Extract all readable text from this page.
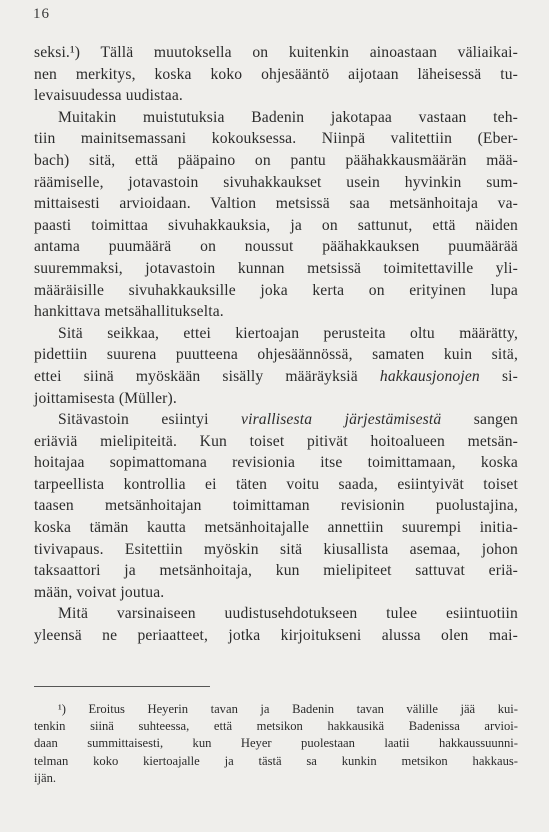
16
seksi.¹) Tällä muutoksella on kuitenkin ainoastaan väliaikai-
nen merkitys, koska koko ohjesääntö aijotaan läheisessä tu-
levaisuudessa uudistaa.
Muitakin muistutuksia Badenin jakotapaa vastaan teh-
tiin mainitsemassani kokouksessa. Niinpä valitettiin (Eber-
bach) sitä, että pääpaino on pantu päähakkausmäärän mää-
räämiselle, jotavastoin sivuhakkaukset usein hyvinkin sum-
mittaisesti arvioidaan. Valtion metsissä saa metsänhoitaja va-
paasti toimittaa sivuhakkauksia, ja on sattunut, että näiden
antama puumäärä on noussut päähakkauksen puumäärää
suuremmaksi, jotavastoin kunnan metsissä toimitettaville yli-
määräisille sivuhakkauksille joka kerta on erityinen lupa
hankittava metsähallitukselta.
Sitä seikkaa, ettei kiertoajan perusteita oltu määrätty,
pidettiin suurena puutteena ohjesäännössä, samaten kuin sitä,
ettei siinä myöskään sisälly määräyksiä hakkausjonojen si-
joittamisesta (Müller).
Sitävastoin esiintyi virallisesta järjestämisestä sangen
eriäviä mielipiteitä. Kun toiset pitivät hoitoalueen metsän-
hoitajaa sopimattomana revisionia itse toimittamaan, koska
tarpeellista kontrollia ei täten voitu saada, esiintyivät toiset
taasen metsänhoitajan toimittaman revisionin puolustajina,
koska tämän kautta metsänhoitajalle annettiin suurempi initia-
tivivapaus. Esitettiin myöskin sitä kiusallista asemaa, johon
taksaattori ja metsänhoitaja, kun mielipiteet sattuvat eriä-
mään, voivat joutua.
Mitä varsinaiseen uudistusehdotukseen tulee esiintuotiin
yleensä ne periaatteet, jotka kirjoitukseni alussa olen mai-
¹) Eroitus Heyerin tavan ja Badenin tavan välille jää kui-
tenkin siinä suhteessa, että metsikon hakkausikä Badenissa arvioi-
daan summittaisesti, kun Heyer puolestaan laatii hakkaussuunni-
telman koko kiertoajalle ja tästä sa kunkin metsikon hakkaus-
ijän.
